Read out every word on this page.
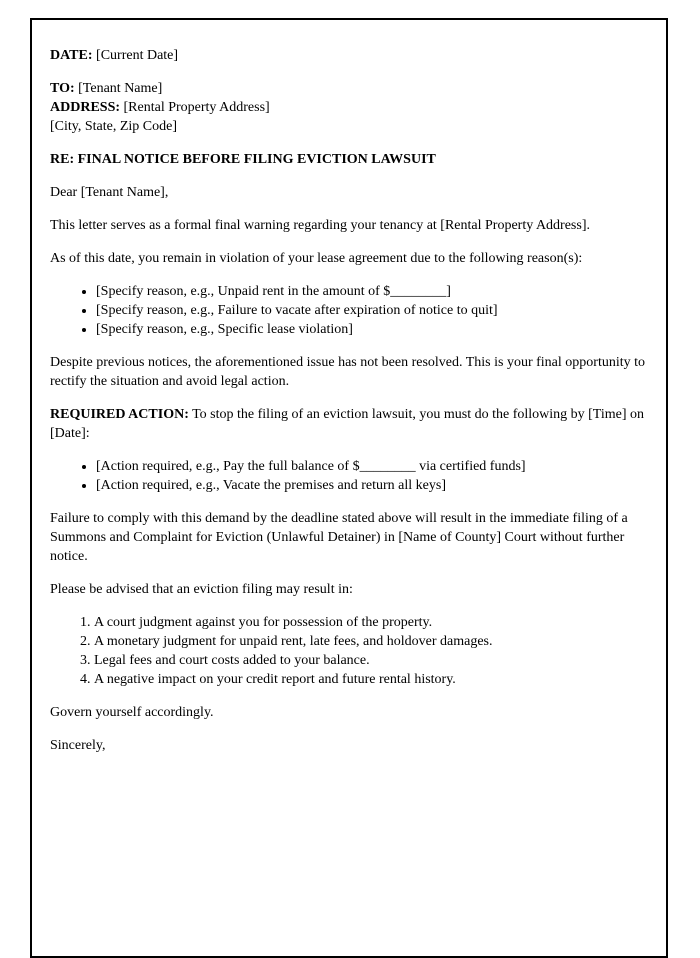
DATE: [Current Date]

TO: [Tenant Name]

ADDRESS: [Rental Property Address]

[City, State, Zip Code]

RE: FINAL NOTICE BEFORE FILING EVICTION LAWSUIT

Dear [Tenant Name],

This letter serves as a formal final warning regarding your tenancy at [Rental Property Address].

As of this date, you remain in violation of your lease agreement due to the following reason(s):

• [Specify reason, e.g., Unpaid rent in the amount of $________]
• [Specify reason, e.g., Failure to vacate after expiration of notice to quit]
• [Specify reason, e.g., Specific lease violation]

Despite previous notices, the aforementioned issue has not been resolved. This is your final opportunity to rectify the situation and avoid legal action.

REQUIRED ACTION: To stop the filing of an eviction lawsuit, you must do the following by [Time] on [Date]:

• [Action required, e.g., Pay the full balance of $________ via certified funds]
• [Action required, e.g., Vacate the premises and return all keys]

Failure to comply with this demand by the deadline stated above will result in the immediate filing of a Summons and Complaint for Eviction (Unlawful Detainer) in [Name of County] Court without further notice.

Please be advised that an eviction filing may result in:

1. A court judgment against you for possession of the property.
2. A monetary judgment for unpaid rent, late fees, and holdover damages.
3. Legal fees and court costs added to your balance.
4. A negative impact on your credit report and future rental history.

Govern yourself accordingly.

Sincerely,
